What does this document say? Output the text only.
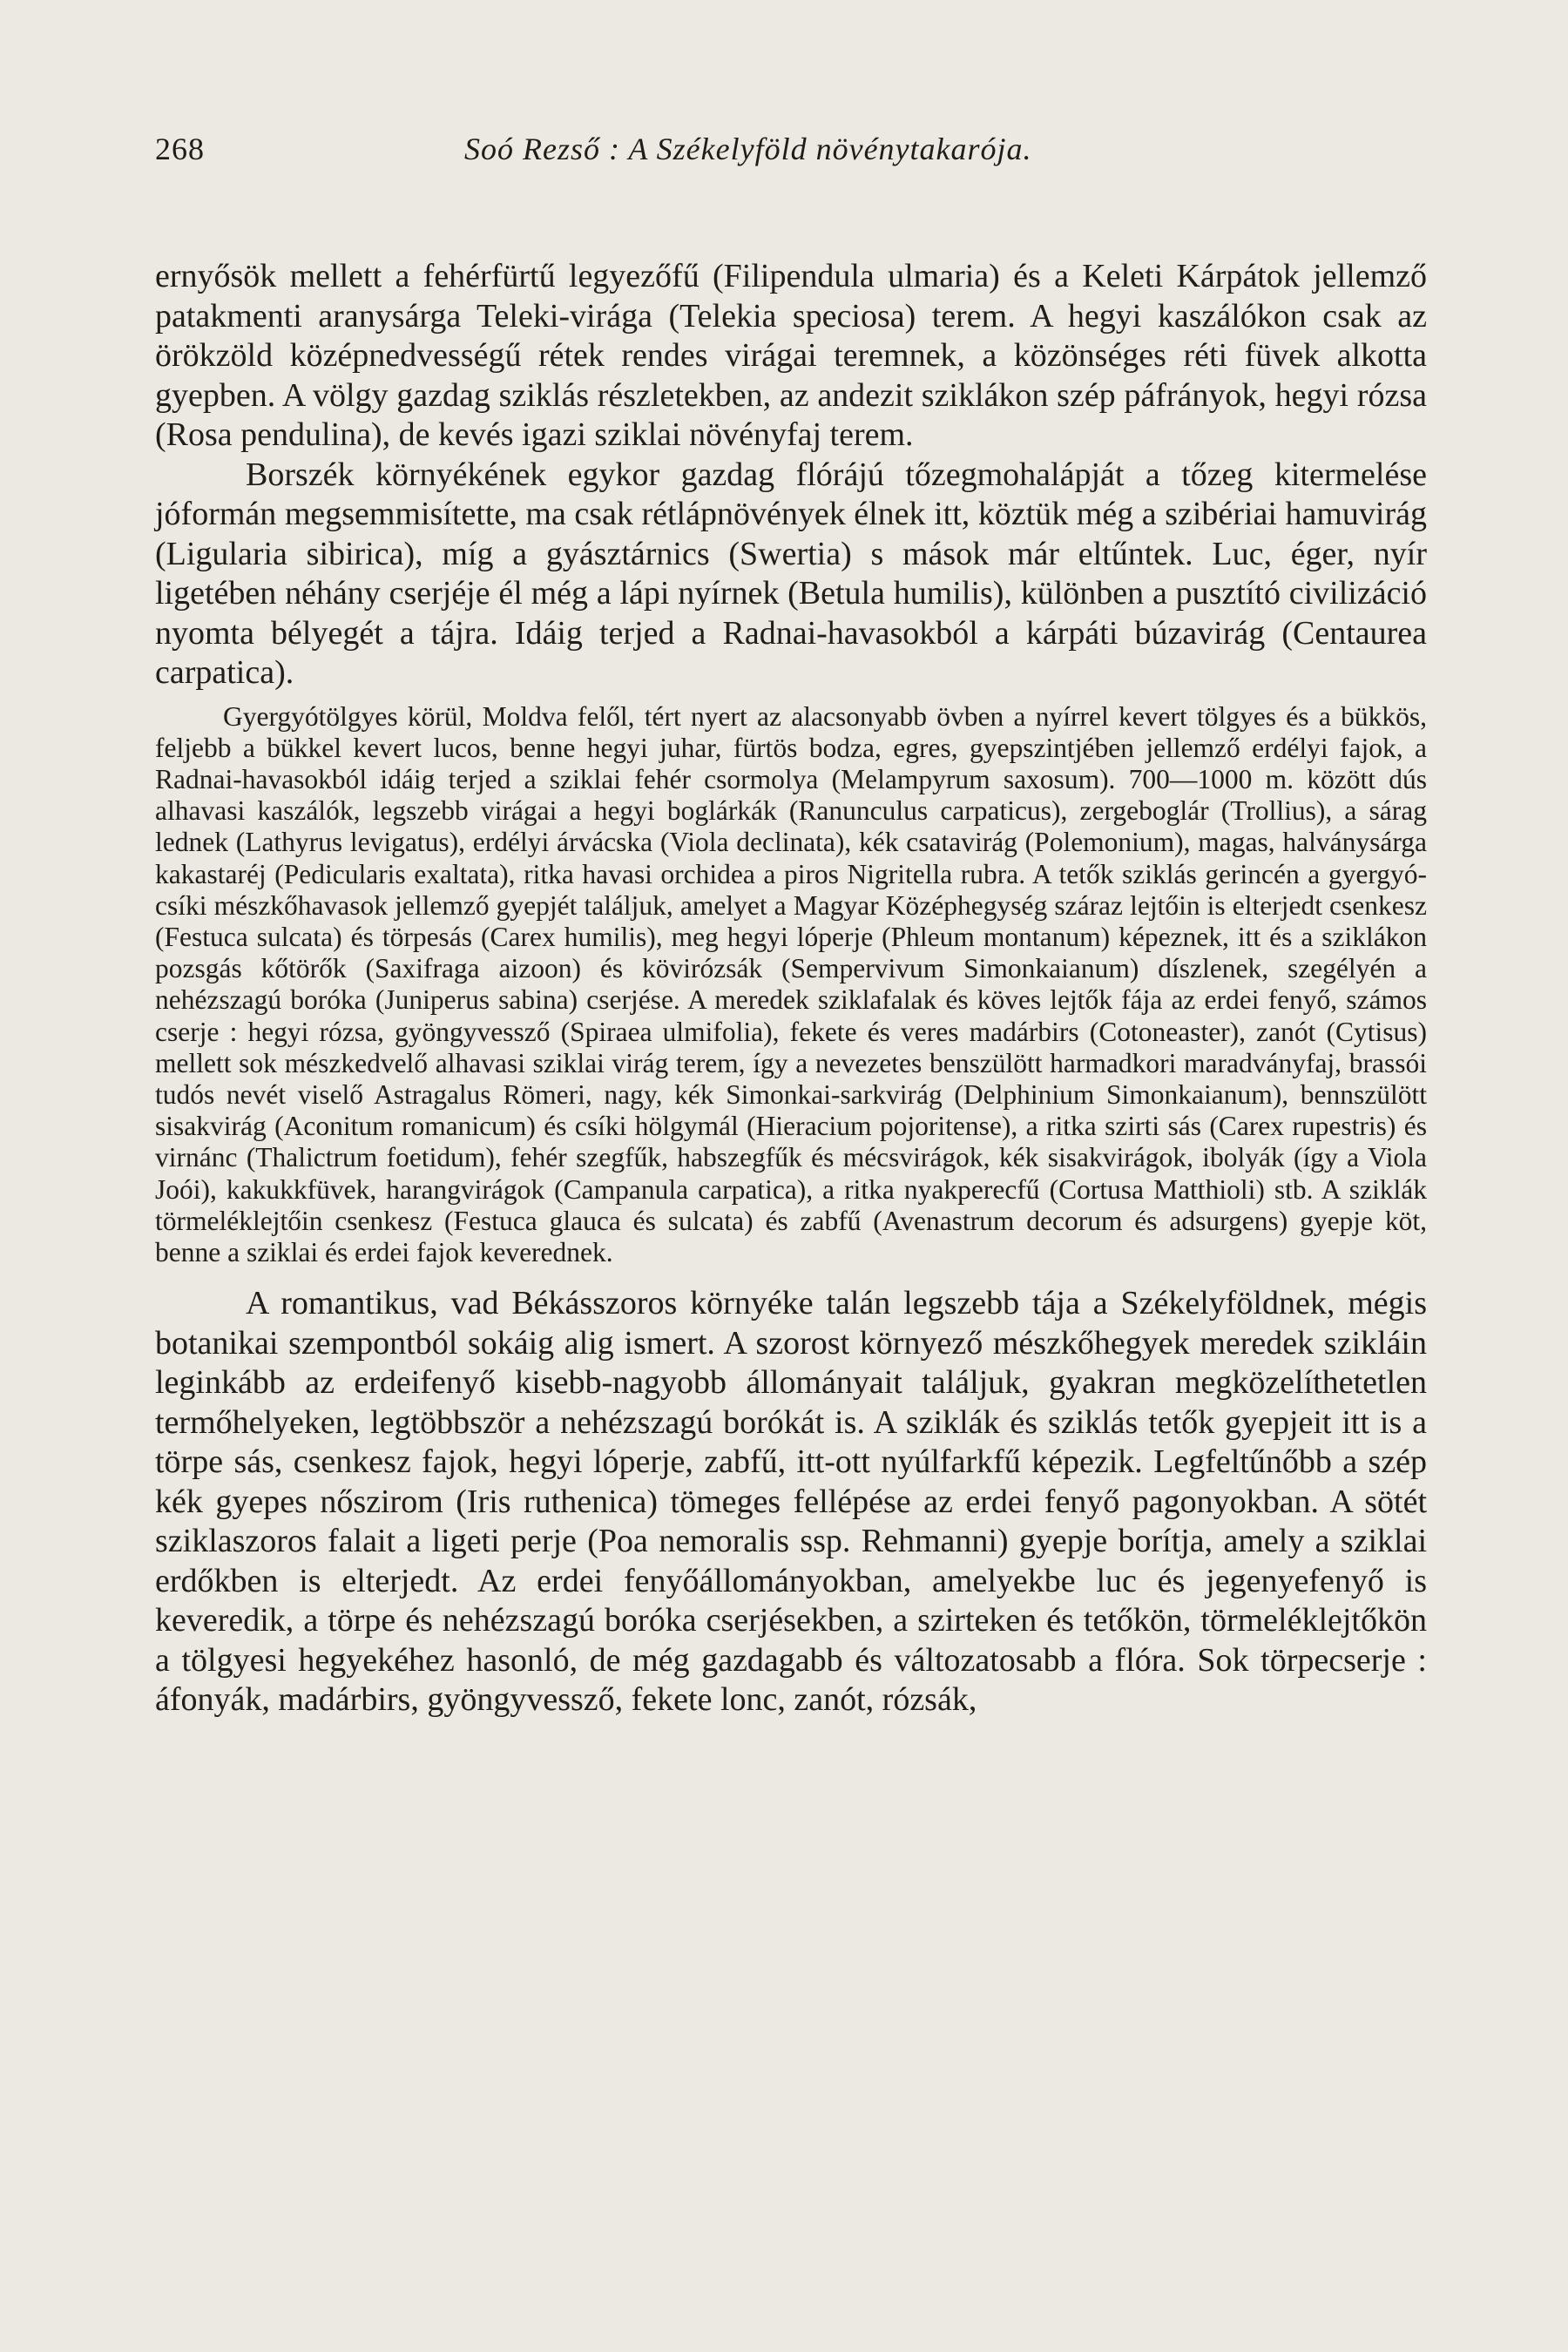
268	Soó Rezső : A Székelyföld növénytakarója.

ernyősök mellett a fehérfürtű legyezőfű (Filipendula ulmaria) és a Keleti Kárpátok jellemző patakmenti aranysárga Teleki-virága (Telekia speciosa) terem. A hegyi kaszálókon csak az örökzöld középnedvességű rétek rendes virágai teremnek, a közönséges réti füvek alkotta gyepben. A völgy gazdag sziklás részletekben, az andezit sziklákon szép páfrányok, hegyi rózsa (Rosa pendulina), de kevés igazi sziklai növényfaj terem.

Borszék környékének egykor gazdag flórájú tőzegmohalápját a tőzeg kitermelése jóformán megsemmisítette, ma csak rétlápnövények élnek itt, köztük még a szibériai hamuvirág (Ligularia sibirica), míg a gyásztárnics (Swertia) s mások már eltűntek. Luc, éger, nyír ligetében néhány cserjéje él még a lápi nyírnek (Betula humilis), különben a pusztító civilizáció nyomta bélyegét a tájra. Idáig terjed a Radnai-havasokból a kárpáti búzavirág (Centaurea carpatica).

Gyergyótölgyes körül, Moldva felől, tért nyert az alacsonyabb övben a nyírrel kevert tölgyes és a bükkös, feljebb a bükkel kevert lucos, benne hegyi juhar, fürtös bodza, egres, gyepszintjében jellemző erdélyi fajok, a Radnai-havasokból idáig terjed a sziklai fehér csormolya (Melampyrum saxosum). 700—1000 m. között dús alhavasi kaszálók, legszebb virágai a hegyi boglárkák (Ranunculus carpaticus), zergeboglár (Trollius), a sárag lednek (Lathyrus levigatus), erdélyi árvácska (Viola declinata), kék csatavirág (Polemonium), magas, halványsárga kakastaréj (Pedicularis exaltata), ritka havasi orchidea a piros Nigritella rubra. A tetők sziklás gerincén a gyergyó-csíki mészkőhavasok jellemző gyepjét találjuk, amelyet a Magyar Középhegység száraz lejtőin is elterjedt csenkesz (Festuca sulcata) és törpesás (Carex humilis), meg hegyi lóperje (Phleum montanum) képeznek, itt és a sziklákon pozsgás kőtörők (Saxifraga aizoon) és kövirózsák (Sempervivum Simonkaianum) díszlenek, szegélyén a nehézszagú boróka (Juniperus sabina) cserjése. A meredek sziklafalak és köves lejtők fája az erdei fenyő, számos cserje : hegyi rózsa, gyöngyvessző (Spiraea ulmifolia), fekete és veres madárbirs (Cotoneaster), zanót (Cytisus) mellett sok mészkedvelő alhavasi sziklai virág terem, így a nevezetes benszülött harmadkori maradványfaj, brassói tudós nevét viselő Astragalus Römeri, nagy, kék Simonkai-sarkvirág (Delphinium Simonkaianum), bennszülött sisakvirág (Aconitum romanicum) és csíki hölgymál (Hieracium pojoritense), a ritka szirti sás (Carex rupestris) és virnánc (Thalictrum foetidum), fehér szegfűk, habszegfűk és mécsvirágok, kék sisakvirágok, ibolyák (így a Viola Joói), kakukkfüvek, harangvirágok (Campanula carpatica), a ritka nyakperecfű (Cortusa Matthioli) stb. A sziklák törmeléklejtőin csenkesz (Festuca glauca és sulcata) és zabfű (Avenastrum decorum és adsurgens) gyepje köt, benne a sziklai és erdei fajok keverednek.

A romantikus, vad Békásszoros környéke talán legszebb tája a Székelyföldnek, mégis botanikai szempontból sokáig alig ismert. A szorost környező mészkőhegyek meredek szikláin leginkább az erdeifenyő kisebb-nagyobb állományait találjuk, gyakran megközelíthetetlen termőhelyeken, legtöbbször a nehézszagú borókát is. A sziklák és sziklás tetők gyepjeit itt is a törpe sás, csenkesz fajok, hegyi lóperje, zabfű, itt-ott nyúlfarkfű képezik. Legfeltűnőbb a szép kék gyepes nőszirom (Iris ruthenica) tömeges fellépése az erdei fenyő pagonyokban. A sötét sziklaszoros falait a ligeti perje (Poa nemoralis ssp. Rehmanni) gyepje borítja, amely a sziklai erdőkben is elterjedt. Az erdei fenyőállományokban, amelyekbe luc és jegenyefenyő is keveredik, a törpe és nehézszagú boróka cserjésekben, a szirteken és tetőkön, törmeléklejtőkön a tölgyesi hegyekéhez hasonló, de még gazdagabb és változatosabb a flóra. Sok törpecserje : áfonyák, madárbirs, gyöngyvessző, fekete lonc, zanót, rózsák,
